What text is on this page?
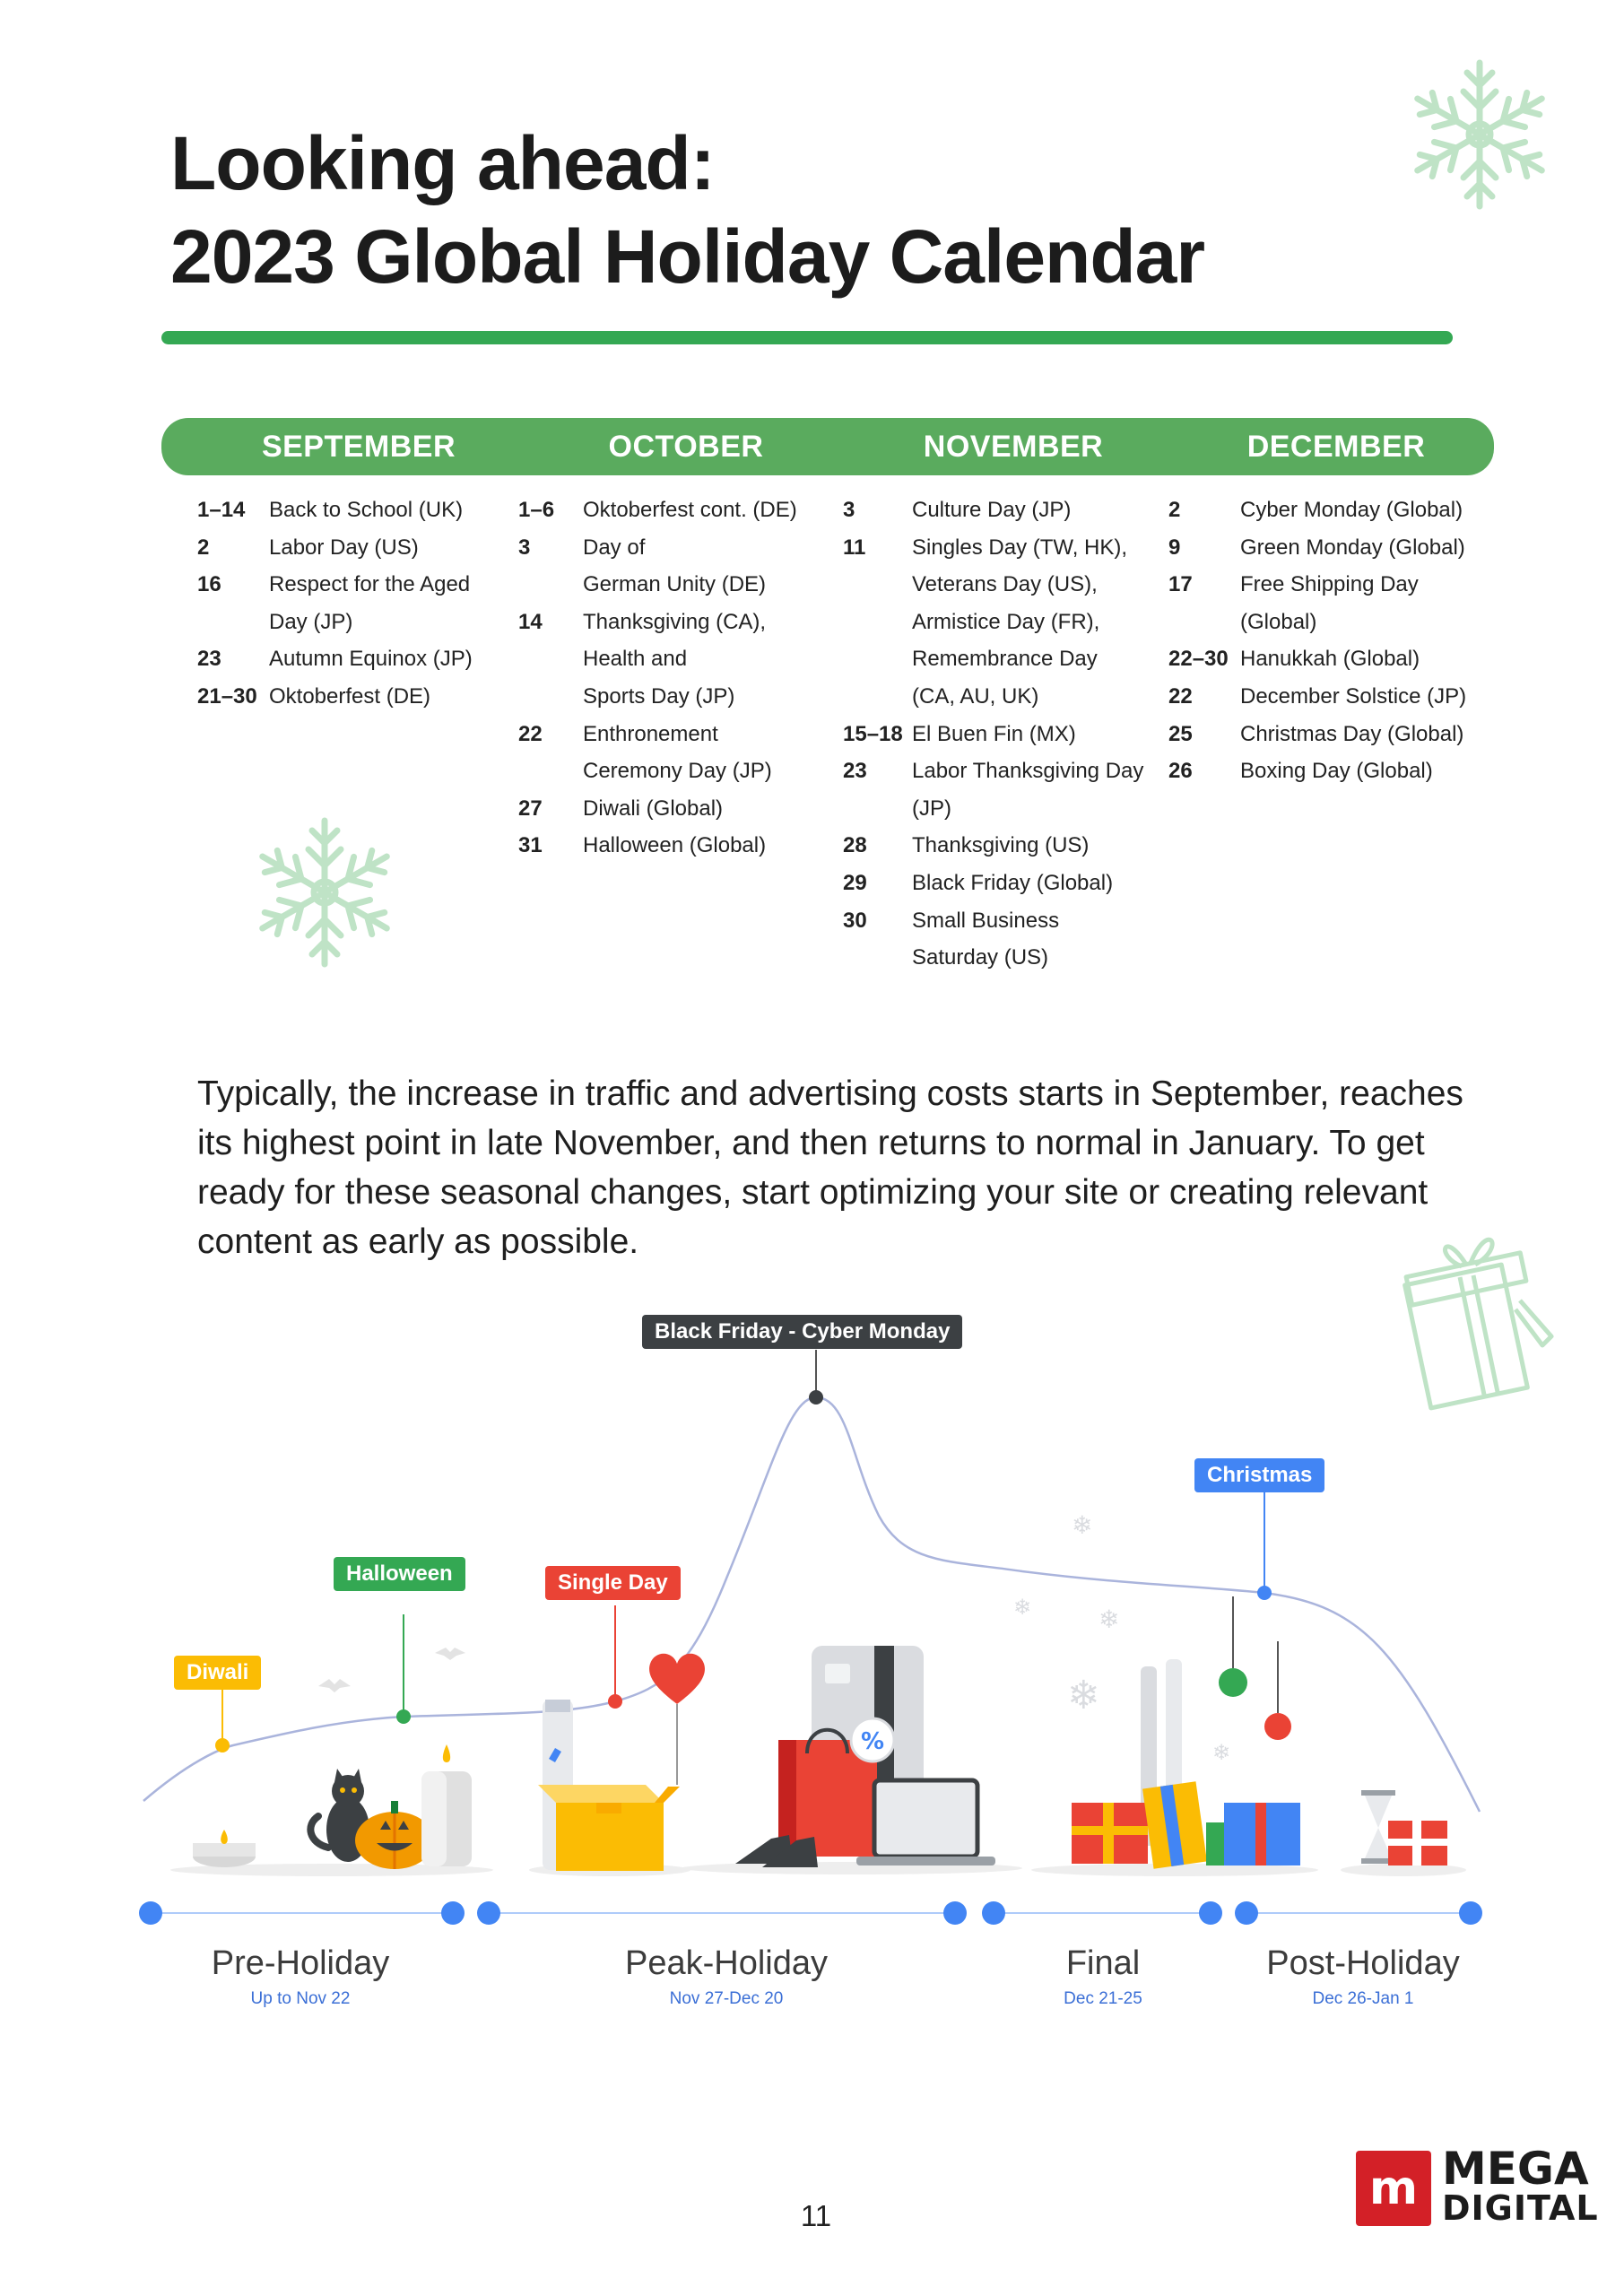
Looking ahead:
2023 Global Holiday Calendar
SEPTEMBER	OCTOBER	NOVEMBER	DECEMBER
1–14 Back to School (UK)
2	Labor Day (US)
16 Respect for the Aged
Day (JP)
23 Autumn Equinox (JP)
21–30 Oktoberfest (DE)
1–6 Oktoberfest cont. (DE)
3 Day of
German Unity (DE)
14 Thanksgiving (CA),
Health and
Sports Day (JP)
22 Enthronement
Ceremony Day (JP)
27 Diwali (Global)
31 Halloween (Global)
3	Culture Day (JP)
11 Singles Day (TW, HK),
Veterans Day (US),
Armistice Day (FR),
Remembrance Day
(CA, AU, UK)
15–18 El Buen Fin (MX)
23 Labor Thanksgiving Day
(JP)
28 Thanksgiving (US)
29 Black Friday (Global)
30 Small Business
Saturday (US)
2	Cyber Monday (Global)
9	Green Monday (Global)
17 Free Shipping Day
(Global)
22–30 Hanukkah (Global)
22 December Solstice (JP)
25 Christmas Day (Global)
26 Boxing Day (Global)
Typically, the increase in traffic and advertising costs starts in September, reaches its highest point in late November, and then returns to normal in January. To get ready for these seasonal changes, start optimizing your site or creating relevant content as early as possible.
%
❄
❄
❄	❄
❄
Black Friday - Cyber Monday
Christmas
Halloween	Single Day
Diwali
Pre-Holiday
Up to Nov 22
Peak-Holiday
Nov 27-Dec 20
Final
Dec 21-25
Post-Holiday
Dec 26-Jan 1
11
m MEGA
DIGITAL
